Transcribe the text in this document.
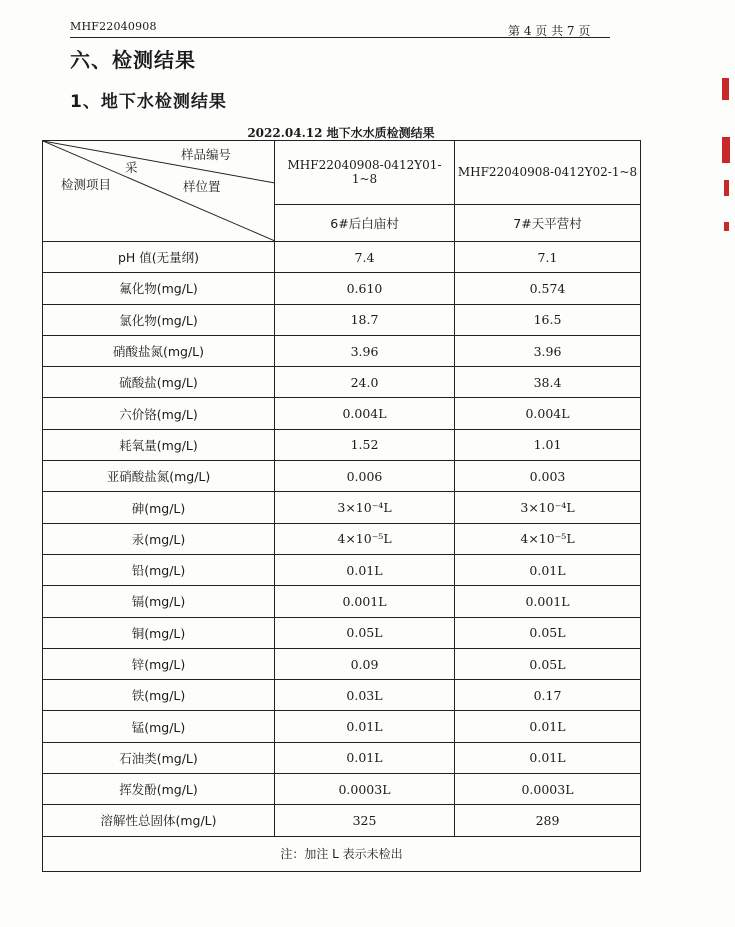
MHF22040908	第 4 页 共 7 页
六、检测结果
1、地下水检测结果
2022.04.12 地下水水质检测结果
样品编号
采
样位置
检测项目	MHF22040908-0412Y01-1~8	MHF22040908-0412Y02-1~8
	6#后白庙村	7#天平营村
pH 值(无量纲)	7.4	7.1
氟化物(mg/L)	0.610	0.574
氯化物(mg/L)	18.7	16.5
硝酸盐氮(mg/L)	3.96	3.96
硫酸盐(mg/L)	24.0	38.4
六价铬(mg/L)	0.004L	0.004L
耗氧量(mg/L)	1.52	1.01
亚硝酸盐氮(mg/L)	0.006	0.003
砷(mg/L)	3×10⁻⁴L	3×10⁻⁴L
汞(mg/L)	4×10⁻⁵L	4×10⁻⁵L
铅(mg/L)	0.01L	0.01L
镉(mg/L)	0.001L	0.001L
铜(mg/L)	0.05L	0.05L
锌(mg/L)	0.09	0.05L
铁(mg/L)	0.03L	0.17
锰(mg/L)	0.01L	0.01L
石油类(mg/L)	0.01L	0.01L
挥发酚(mg/L)	0.0003L	0.0003L
溶解性总固体(mg/L)	325	289
注：加注 L 表示未检出		
